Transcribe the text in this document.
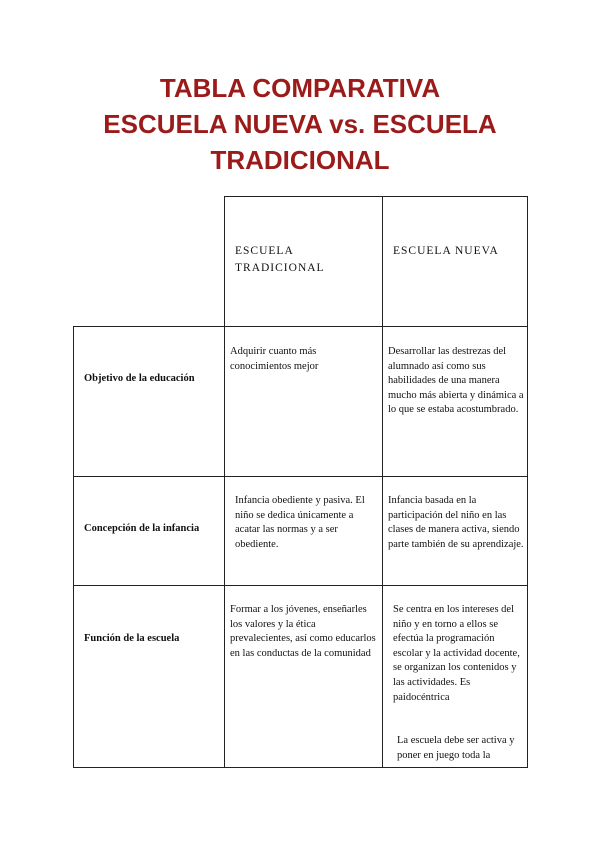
TABLA COMPARATIVA
ESCUELA NUEVA vs. ESCUELA
TRADICIONAL
ESCUELA TRADICIONAL
ESCUELA NUEVA
Objetivo de la educación
Adquirir cuanto más conocimientos mejor
Desarrollar las destrezas del alumnado así como sus habilidades de una manera mucho más abierta y dinámica a lo que se estaba acostumbrado.
Concepción de la infancia
Infancia obediente y pasiva. El niño se dedica únicamente a acatar las normas y a ser obediente.
Infancia basada en la participación del niño en las clases de manera activa, siendo parte también de su aprendizaje.
Función de la escuela
Formar a los jóvenes, enseñarles los valores y la ética prevalecientes, así como educarlos en las conductas de la comunidad
Se centra en los intereses del niño y en torno a ellos se efectúa la programación escolar y la actividad docente, se organizan los contenidos y las actividades. Es paidocéntrica
La escuela debe ser activa y poner en juego toda la
